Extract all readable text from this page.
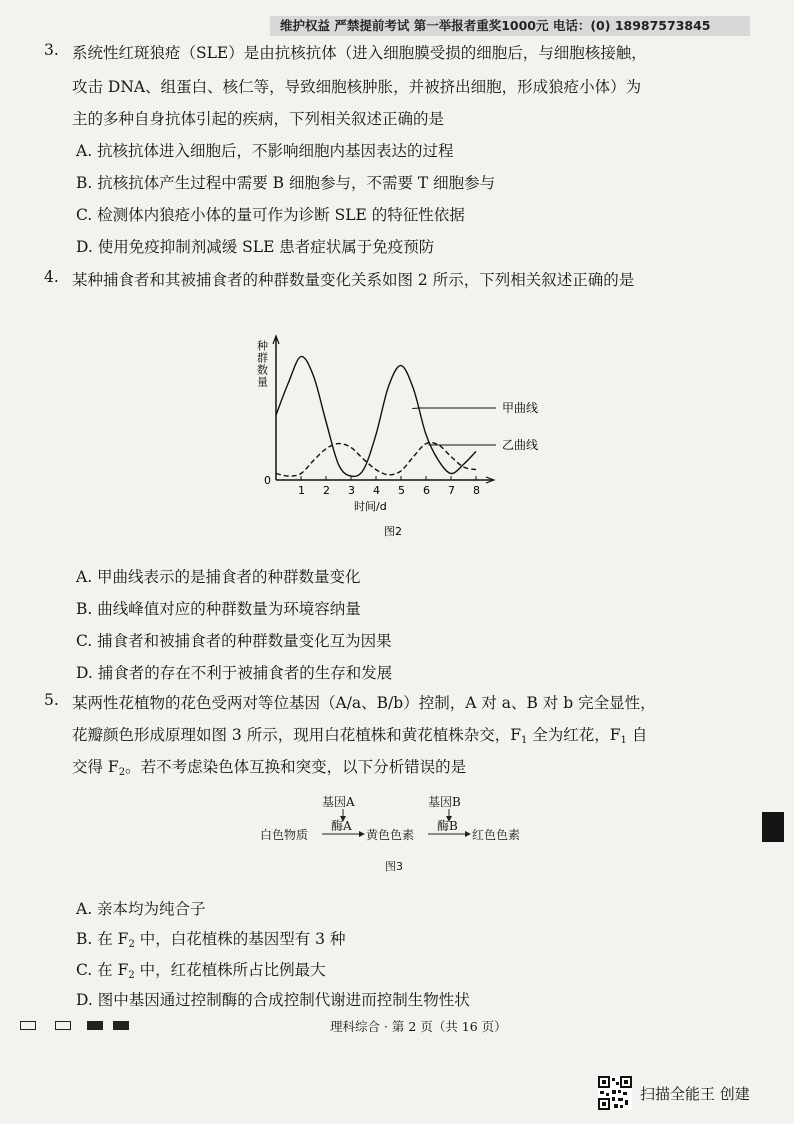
维护权益 严禁提前考试 第一举报者重奖1000元 电话：(0) 18987573845
3. 系统性红斑狼疮（SLE）是由抗核抗体（进入细胞膜受损的细胞后，与细胞核接触，
攻击 DNA、组蛋白、核仁等，导致细胞核肿胀，并被挤出细胞，形成狼疮小体）为
主的多种自身抗体引起的疾病，下列相关叙述正确的是
A. 抗核抗体进入细胞后，不影响细胞内基因表达的过程
B. 抗核抗体产生过程中需要 B 细胞参与，不需要 T 细胞参与
C. 检测体内狼疮小体的量可作为诊断 SLE 的特征性依据
D. 使用免疫抑制剂减缓 SLE 患者症状属于免疫预防
4. 某种捕食者和其被捕食者的种群数量变化关系如图 2 所示，下列相关叙述正确的是
种群数量
0
1 2 3 4 5 6 7 8
时间/d
图2
甲曲线
乙曲线
A. 甲曲线表示的是捕食者的种群数量变化
B. 曲线峰值对应的种群数量为环境容纳量
C. 捕食者和被捕食者的种群数量变化互为因果
D. 捕食者的存在不利于被捕食者的生存和发展
5. 某两性花植物的花色受两对等位基因（A/a、B/b）控制，A 对 a、B 对 b 完全显性，
花瓣颜色形成原理如图 3 所示，现用白花植株和黄花植株杂交，$F_1$ 全为红花，$F_1$ 自
交得 $F_2$。若不考虑染色体互换和突变，以下分析错误的是
基因A	基因B
酶A	酶B
白色物质	黄色色素	红色色素
图3
A. 亲本均为纯合子
B. 在 $F_2$ 中，白花植株的基因型有 3 种
C. 在 $F_2$ 中，红花植株所占比例最大
D. 图中基因通过控制酶的合成控制代谢进而控制生物性状
理科综合 · 第 2 页（共 16 页）
扫描全能王 创建
